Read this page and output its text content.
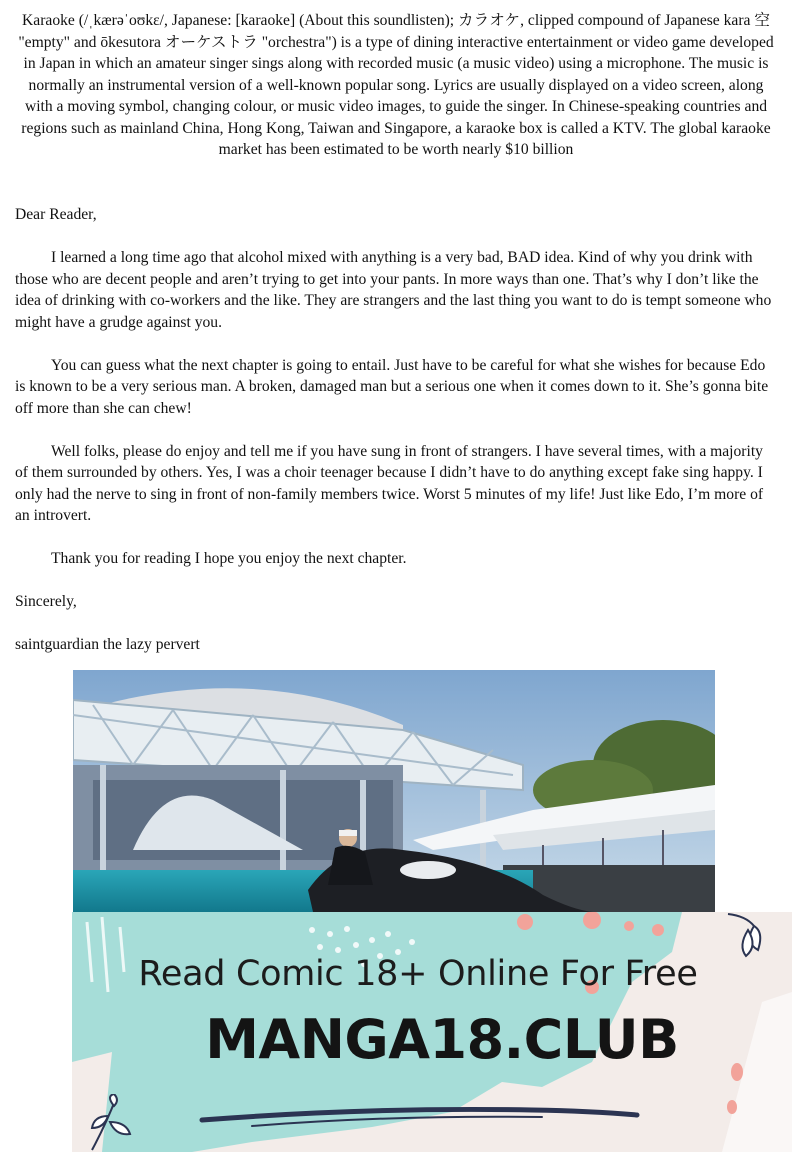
Karaoke (/ˌkærəˈoʊkɛ/, Japanese: [karaoke] (About this soundlisten); カラオケ, clipped compound of Japanese kara 空 "empty" and ōkesutora オーケストラ "orchestra") is a type of dining interactive entertainment or video game developed in Japan in which an amateur singer sings along with recorded music (a music video) using a microphone. The music is normally an instrumental version of a well-known popular song. Lyrics are usually displayed on a video screen, along with a moving symbol, changing colour, or music video images, to guide the singer. In Chinese-speaking countries and regions such as mainland China, Hong Kong, Taiwan and Singapore, a karaoke box is called a KTV. The global karaoke market has been estimated to be worth nearly $10 billion

Dear Reader,

I learned a long time ago that alcohol mixed with anything is a very bad, BAD idea. Kind of why you drink with those who are decent people and aren’t trying to get into your pants. In more ways than one. That’s why I don’t like the idea of drinking with co-workers and the like. They are strangers and the last thing you want to do is tempt someone who might have a grudge against you.

You can guess what the next chapter is going to entail. Just have to be careful for what she wishes for because Edo is known to be a very serious man. A broken, damaged man but a serious one when it comes down to it. She’s gonna bite off more than she can chew!

Well folks, please do enjoy and tell me if you have sung in front of strangers. I have several times, with a majority of them surrounded by others. Yes, I was a choir teenager because I didn’t have to do anything except fake sing happy. I only had the nerve to sing in front of non-family members twice. Worst 5 minutes of my life! Just like Edo, I’m more of an introvert.

Thank you for reading I hope you enjoy the next chapter.

Sincerely,

saintguardian the lazy pervert

Read Comic 18+ Online For Free
MANGA18.CLUB
